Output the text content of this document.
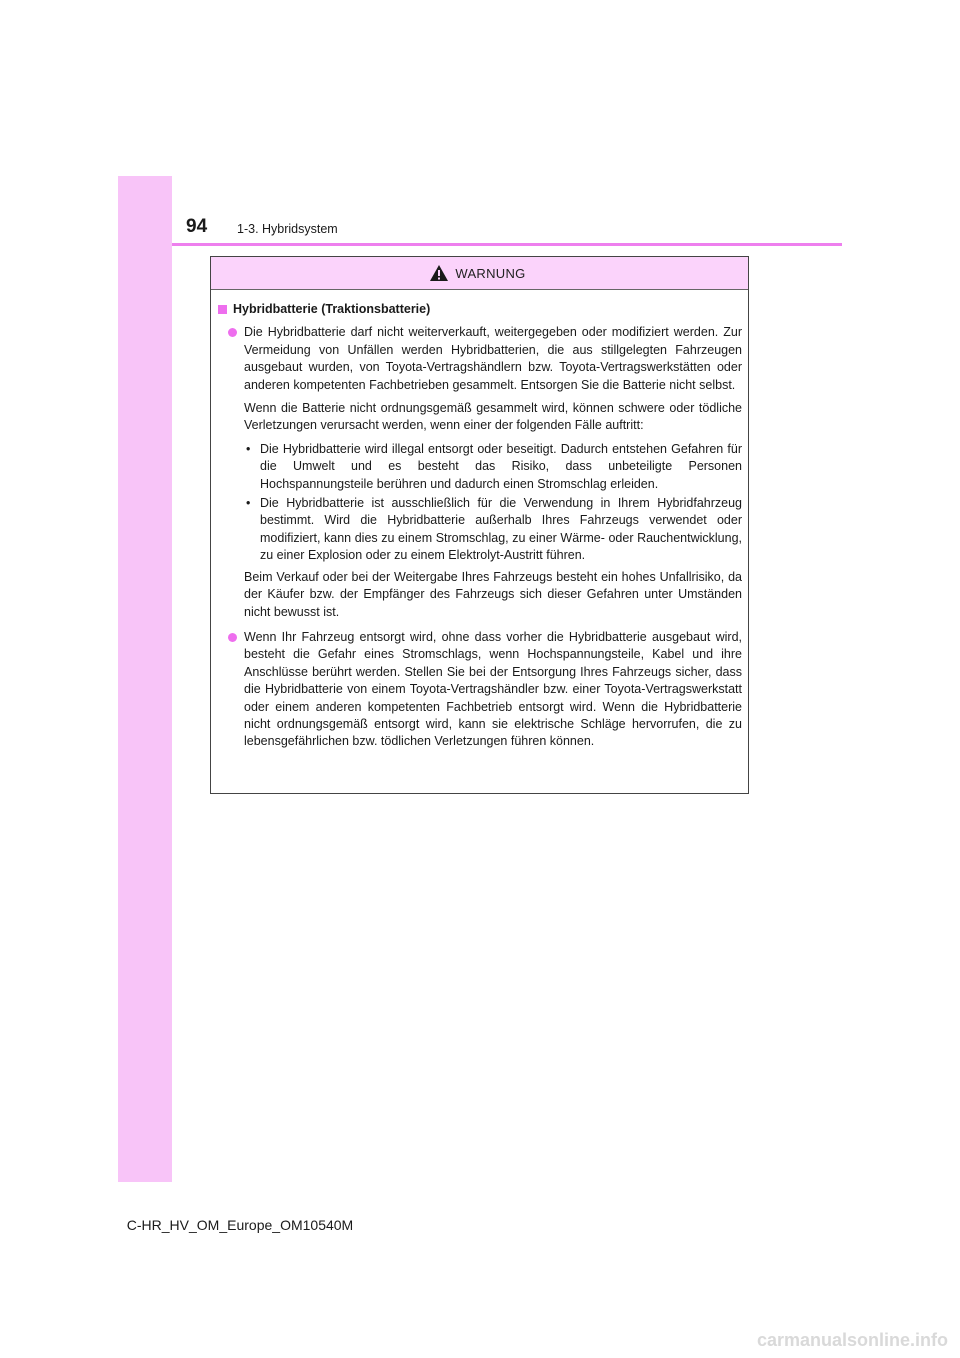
94 1-3. Hybridsystem
WARNUNG
Hybridbatterie (Traktionsbatterie)
Die Hybridbatterie darf nicht weiterverkauft, weitergegeben oder modifiziert werden. Zur Vermeidung von Unfällen werden Hybridbatterien, die aus stillgelegten Fahrzeugen ausgebaut wurden, von Toyota-Vertragshändlern bzw. Toyota-Vertragswerkstätten oder anderen kompetenten Fachbetrieben gesammelt. Entsorgen Sie die Batterie nicht selbst.
Wenn die Batterie nicht ordnungsgemäß gesammelt wird, können schwere oder tödliche Verletzungen verursacht werden, wenn einer der folgenden Fälle auftritt:
• Die Hybridbatterie wird illegal entsorgt oder beseitigt. Dadurch entstehen Gefahren für die Umwelt und es besteht das Risiko, dass unbeteiligte Personen Hochspannungsteile berühren und dadurch einen Stromschlag erleiden.
• Die Hybridbatterie ist ausschließlich für die Verwendung in Ihrem Hybridfahrzeug bestimmt. Wird die Hybridbatterie außerhalb Ihres Fahrzeugs verwendet oder modifiziert, kann dies zu einem Stromschlag, zu einer Wärme- oder Rauchentwicklung, zu einer Explosion oder zu einem Elektrolyt-Austritt führen.
Beim Verkauf oder bei der Weitergabe Ihres Fahrzeugs besteht ein hohes Unfallrisiko, da der Käufer bzw. der Empfänger des Fahrzeugs sich dieser Gefahren unter Umständen nicht bewusst ist.
Wenn Ihr Fahrzeug entsorgt wird, ohne dass vorher die Hybridbatterie ausgebaut wird, besteht die Gefahr eines Stromschlags, wenn Hochspannungsteile, Kabel und ihre Anschlüsse berührt werden. Stellen Sie bei der Entsorgung Ihres Fahrzeugs sicher, dass die Hybridbatterie von einem Toyota-Vertragshändler bzw. einer Toyota-Vertragswerkstatt oder einem anderen kompetenten Fachbetrieb entsorgt wird. Wenn die Hybridbatterie nicht ordnungsgemäß entsorgt wird, kann sie elektrische Schläge hervorrufen, die zu lebensgefährlichen bzw. tödlichen Verletzungen führen können.
C-HR_HV_OM_Europe_OM10540M
carmanualsonline.info
